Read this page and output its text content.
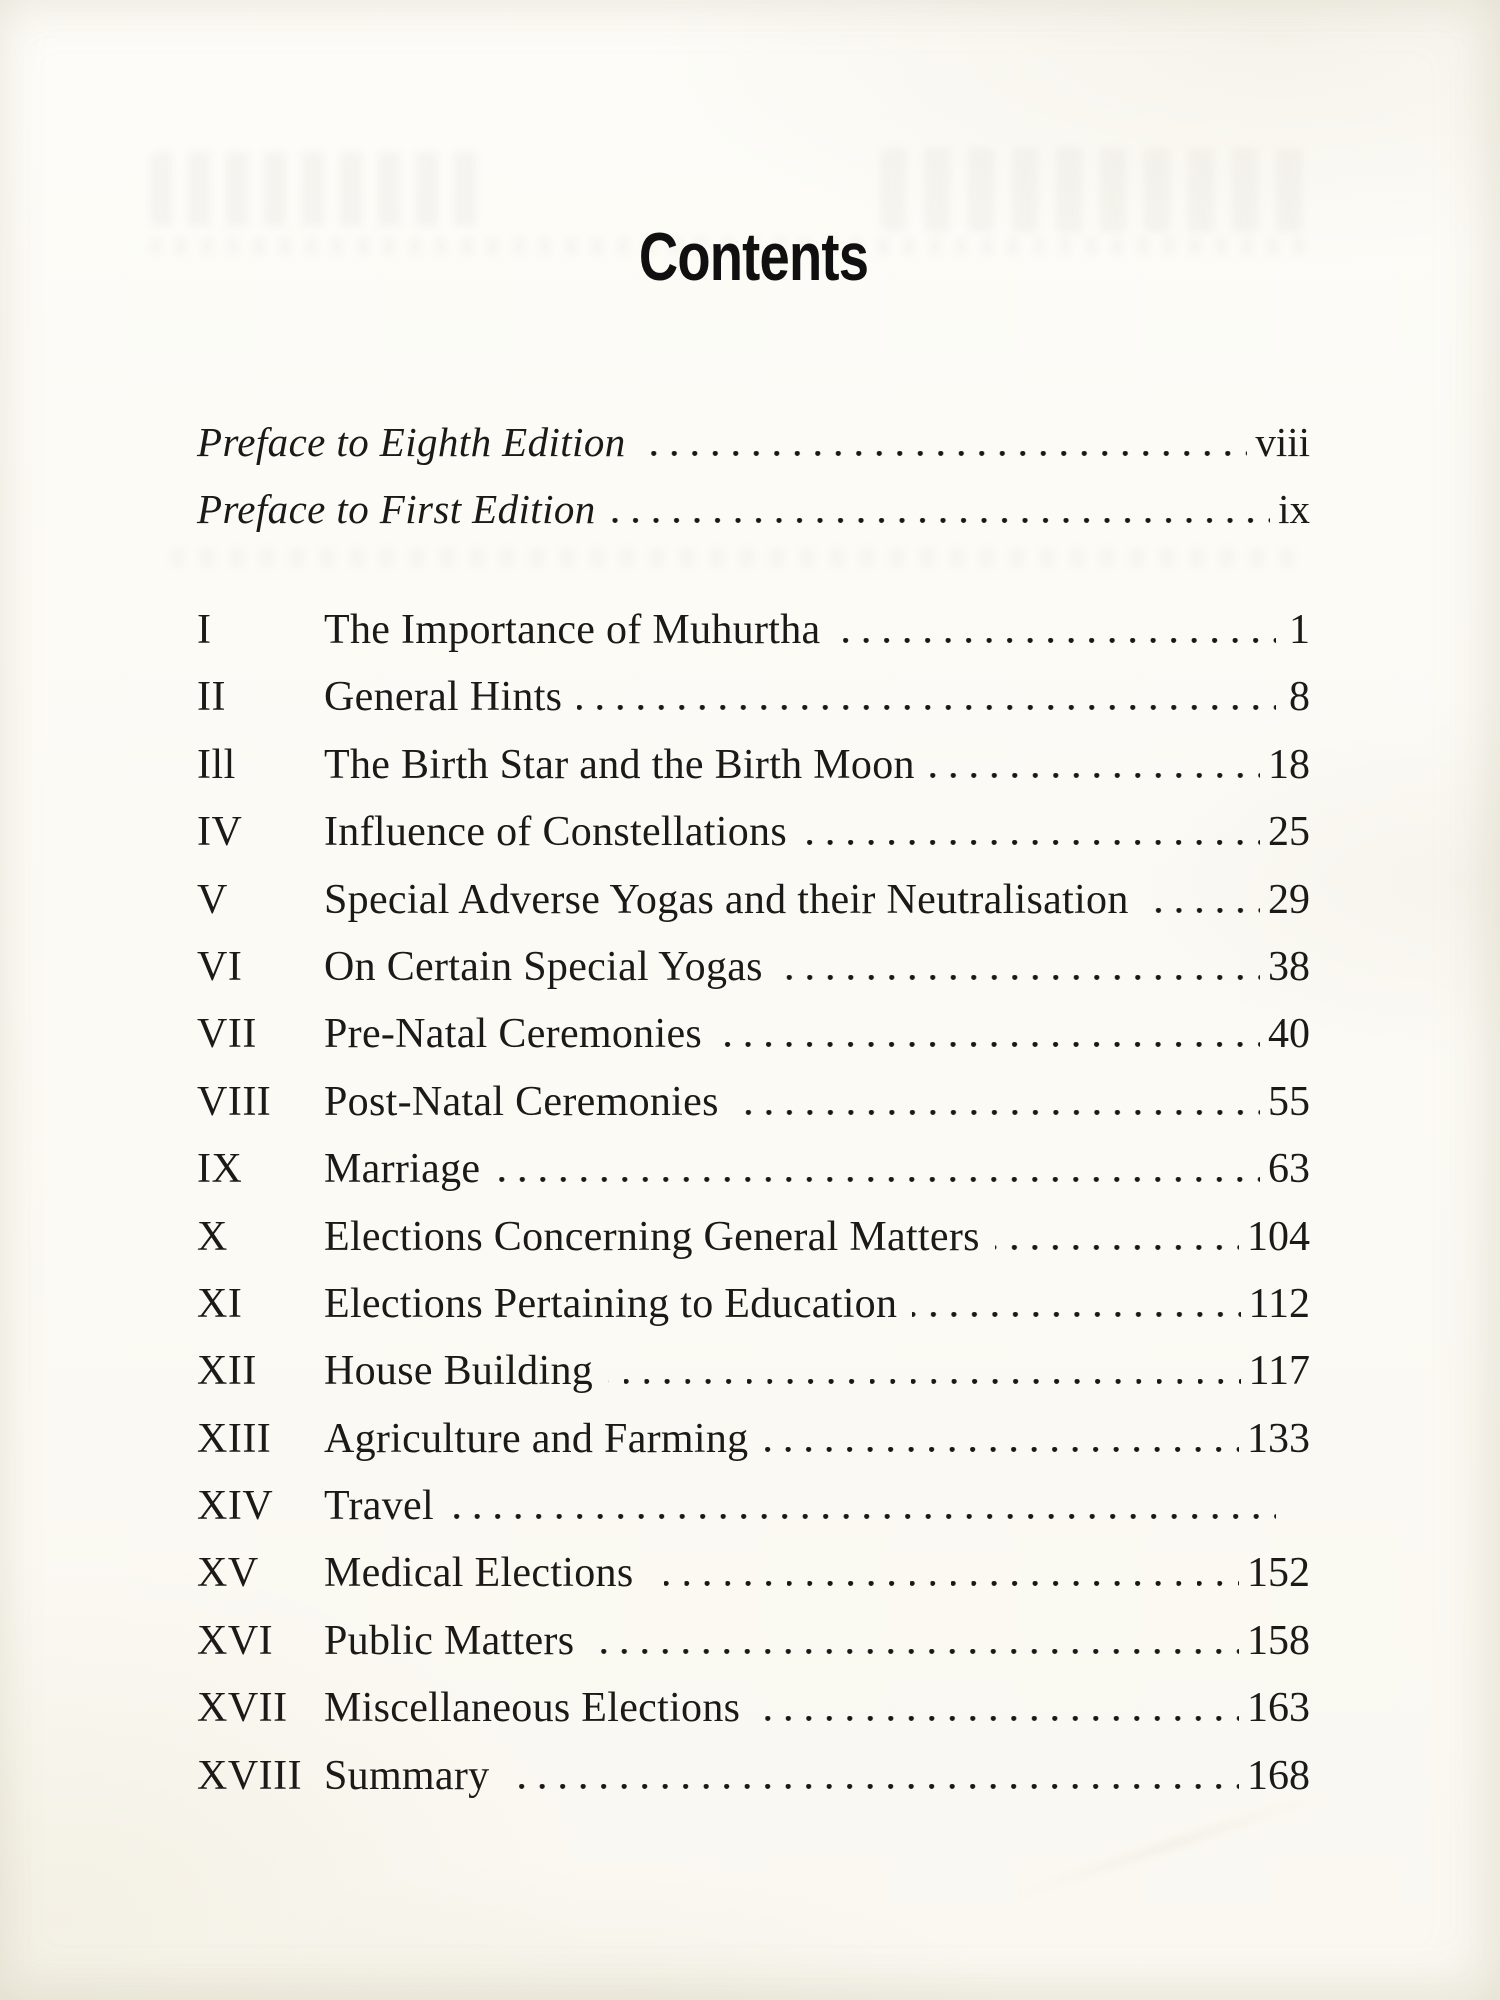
Contents
Preface to Eighth Edition	viii
Preface to First Edition	ix
I	The Importance of Muhurtha	1
II	General Hints	8
Ill	The Birth Star and the Birth Moon	18
IV	Influence of Constellations	25
V	Special Adverse Yogas and their Neutralisation	29
VI	On Certain Special Yogas	38
VII	Pre-Natal Ceremonies	40
VIII	Post-Natal Ceremonies	55
IX	Marriage	63
X	Elections Concerning General Matters	104
XI	Elections Pertaining to Education	112
XII	House Building	117
XIII	Agriculture and Farming	133
XIV	Travel
XV	Medical Elections	152
XVI	Public Matters	158
XVII Miscellaneous Elections	163
XVIII Summary	168
